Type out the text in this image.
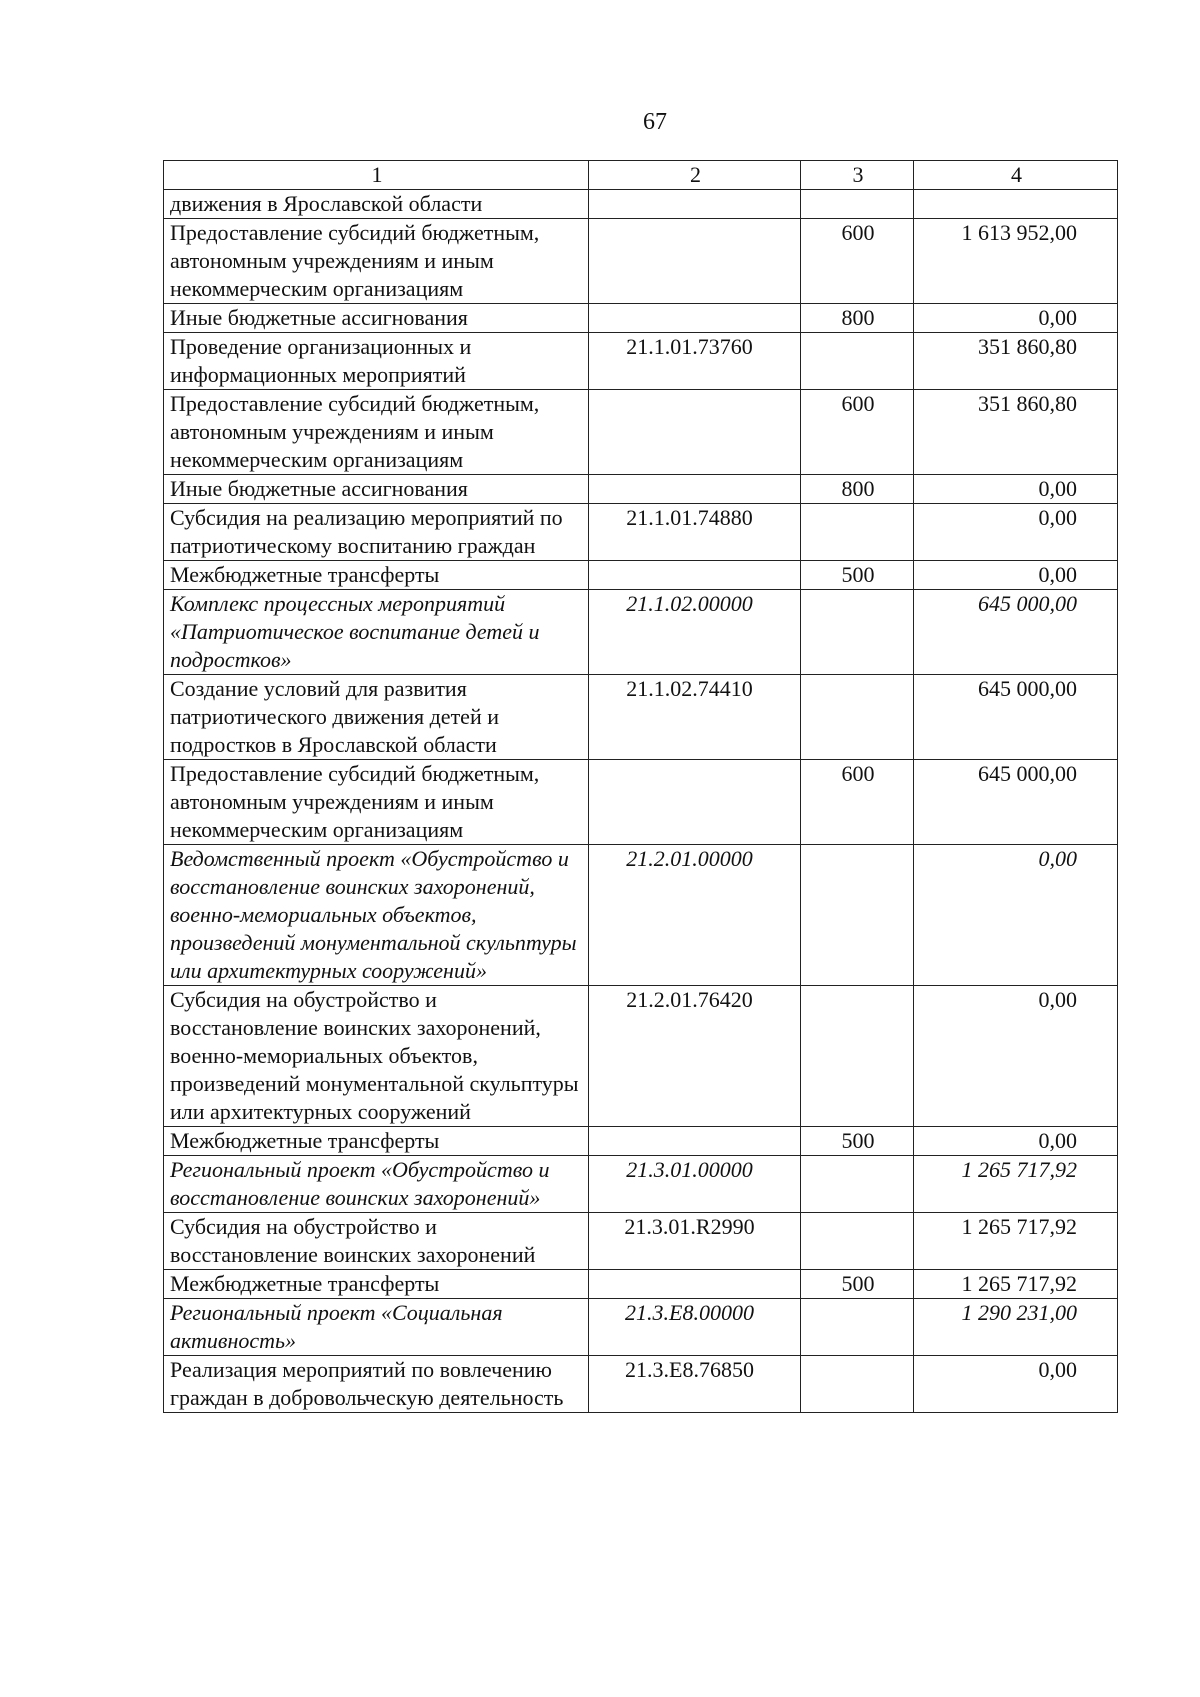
67
1	2	3	4
движения в Ярославской области			
Предоставление субсидий бюджетным, автономным учреждениям и иным некоммерческим организациям		600	1 613 952,00
Иные бюджетные ассигнования		800	0,00
Проведение организационных и информационных мероприятий	21.1.01.73760		351 860,80
Предоставление субсидий бюджетным, автономным учреждениям и иным некоммерческим организациям		600	351 860,80
Иные бюджетные ассигнования		800	0,00
Субсидия на реализацию мероприятий по патриотическому воспитанию граждан	21.1.01.74880		0,00
Межбюджетные трансферты		500	0,00
Комплекс процессных мероприятий «Патриотическое воспитание детей и подростков»	21.1.02.00000		645 000,00
Создание условий для развития патриотического движения детей и подростков в Ярославской области	21.1.02.74410		645 000,00
Предоставление субсидий бюджетным, автономным учреждениям и иным некоммерческим организациям		600	645 000,00
Ведомственный проект «Обустройство и восстановление воинских захоронений, военно-мемориальных объектов, произведений монументальной скульптуры или архитектурных сооружений»	21.2.01.00000		0,00
Субсидия на обустройство и восстановление воинских захоронений, военно-мемориальных объектов, произведений монументальной скульптуры или архитектурных сооружений	21.2.01.76420		0,00
Межбюджетные трансферты		500	0,00
Региональный проект «Обустройство и восстановление воинских захоронений»	21.3.01.00000		1 265 717,92
Субсидия на обустройство и восстановление воинских захоронений	21.3.01.R2990		1 265 717,92
Межбюджетные трансферты		500	1 265 717,92
Региональный проект «Социальная активность»	21.3.E8.00000		1 290 231,00
Реализация мероприятий по вовлечению граждан в добровольческую деятельность	21.3.E8.76850		0,00
